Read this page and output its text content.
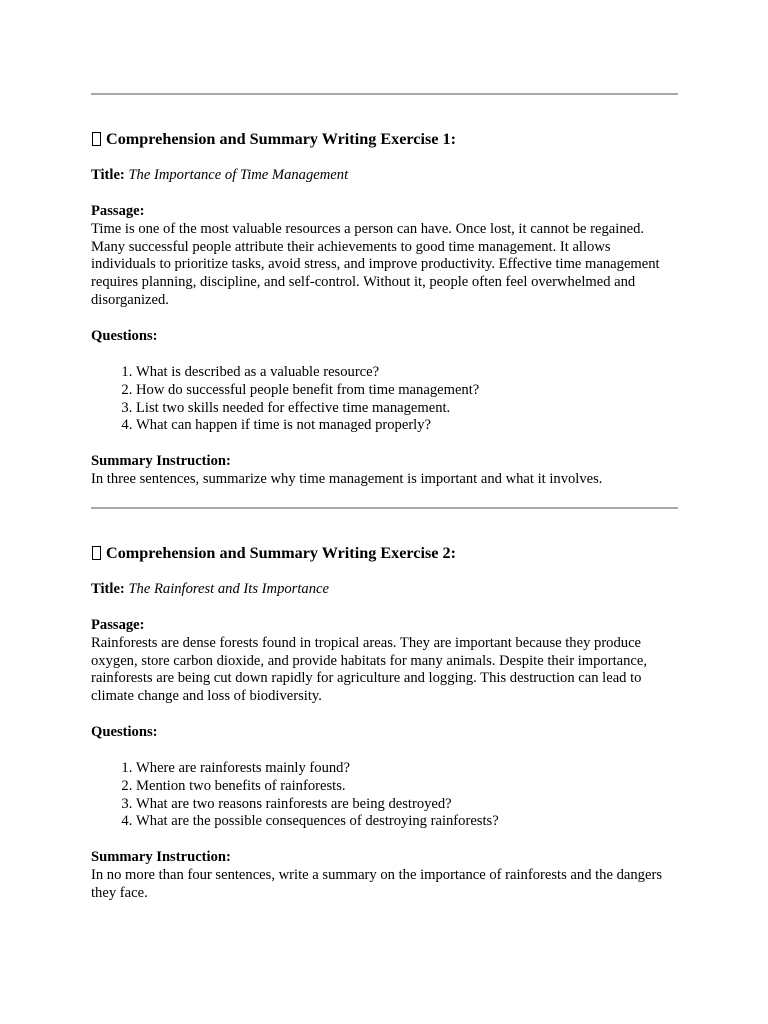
Comprehension and Summary Writing Exercise 1:
Title: The Importance of Time Management

Passage:

Time is one of the most valuable resources a person can have. Once lost, it cannot be regained. Many successful people attribute their achievements to good time management. It allows individuals to prioritize tasks, avoid stress, and improve productivity. Effective time management requires planning, discipline, and self-control. Without it, people often feel overwhelmed and disorganized.

Questions:

1. What is described as a valuable resource?
2. How do successful people benefit from time management?
3. List two skills needed for effective time management.
4. What can happen if time is not managed properly?

Summary Instruction:

In three sentences, summarize why time management is important and what it involves.

Comprehension and Summary Writing Exercise 2:
Title: The Rainforest and Its Importance

Passage:

Rainforests are dense forests found in tropical areas. They are important because they produce oxygen, store carbon dioxide, and provide habitats for many animals. Despite their importance, rainforests are being cut down rapidly for agriculture and logging. This destruction can lead to climate change and loss of biodiversity.

Questions:

1. Where are rainforests mainly found?
2. Mention two benefits of rainforests.
3. What are two reasons rainforests are being destroyed?
4. What are the possible consequences of destroying rainforests?

Summary Instruction:

In no more than four sentences, write a summary on the importance of rainforests and the dangers they face.
